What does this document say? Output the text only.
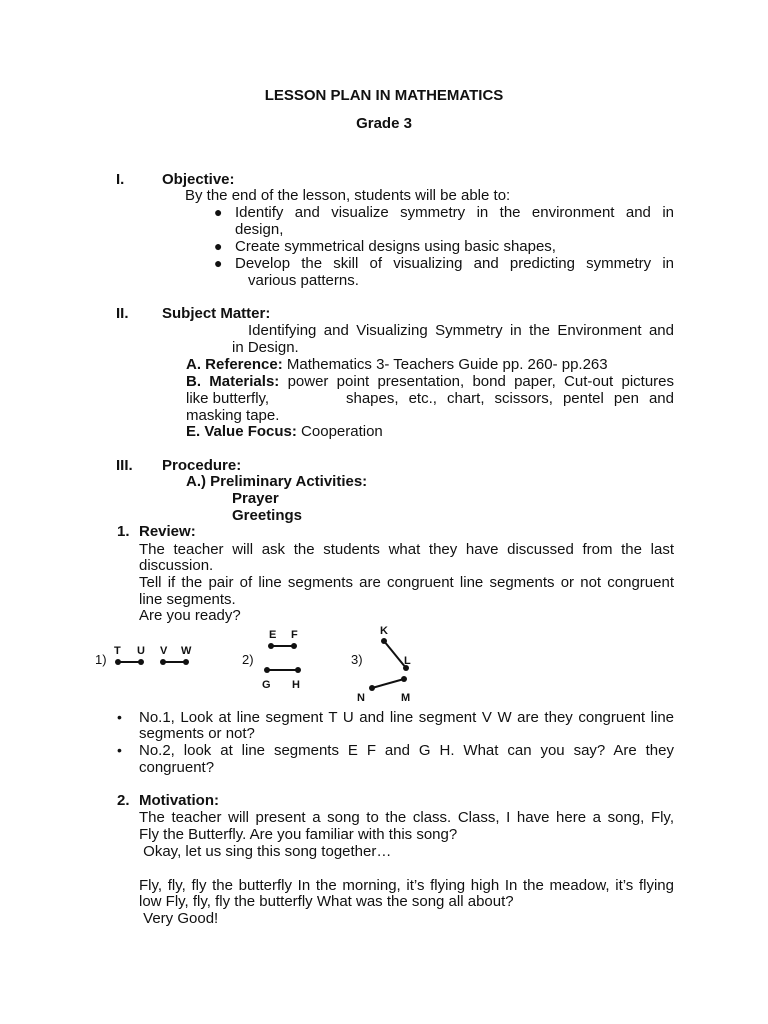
LESSON PLAN IN MATHEMATICS
Grade 3
I.	Objective:
By the end of the lesson, students will be able to:
● Identify and visualize symmetry in the environment and in
design,
● Create symmetrical designs using basic shapes,
● Develop the skill of visualizing and predicting symmetry in
various patterns.
II. Subject Matter:
Identifying and Visualizing Symmetry in the Environment and
in Design.
A. Reference: Mathematics 3- Teachers Guide pp. 260- pp.263
B. Materials: power point presentation, bond paper, Cut-out pictures
like butterfly,	shapes, etc., chart, scissors, pentel pen and
masking tape.
E. Value Focus: Cooperation
III. Procedure:
A.) Preliminary Activities:
Prayer
Greetings
1. Review:
The teacher will ask the students what they have discussed from the last
discussion.
Tell if the pair of line segments are congruent line segments or not congruent
line segments.
Are you ready?
1)
T U V W
2)
E F
G H
3)
K
L
N	M
• No.1, Look at line segment T U and line segment V W are they congruent line
segments or not?
• No.2, look at line segments E F and G H. What can you say? Are they
congruent?
2. Motivation:
The teacher will present a song to the class. Class, I have here a song, Fly,
Fly the Butterfly. Are you familiar with this song?
Okay, let us sing this song together…
Fly, fly, fly the butterfly In the morning, it’s flying high In the meadow, it’s flying
low Fly, fly, fly the butterfly What was the song all about?
Very Good!
